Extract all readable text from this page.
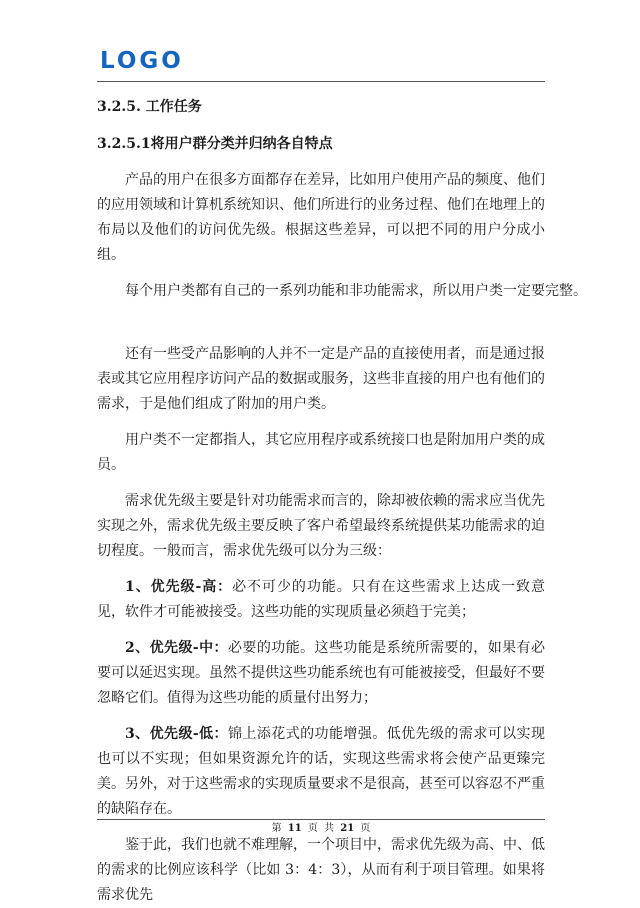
LOGO

3.2.5. 工作任务

3.2.5.1将用户群分类并归纳各自特点

产品的用户在很多方面都存在差异，比如用户使用产品的频度、他们的应用领域和计算机系统知识、他们所进行的业务过程、他们在地理上的布局以及他们的访问优先级。根据这些差异，可以把不同的用户分成小组。

每个用户类都有自己的一系列功能和非功能需求，所以用户类一定要完整。

还有一些受产品影响的人并不一定是产品的直接使用者，而是通过报表或其它应用程序访问产品的数据或服务，这些非直接的用户也有他们的需求，于是他们组成了附加的用户类。

用户类不一定都指人，其它应用程序或系统接口也是附加用户类的成员。

需求优先级主要是针对功能需求而言的，除却被依赖的需求应当优先实现之外，需求优先级主要反映了客户希望最终系统提供某功能需求的迫切程度。一般而言，需求优先级可以分为三级：

1、优先级-高：必不可少的功能。只有在这些需求上达成一致意见，软件才可能被接受。这些功能的实现质量必须趋于完美；

2、优先级-中：必要的功能。这些功能是系统所需要的，如果有必要可以延迟实现。虽然不提供这些功能系统也有可能被接受，但最好不要忽略它们。值得为这些功能的质量付出努力；

3、优先级-低：锦上添花式的功能增强。低优先级的需求可以实现也可以不实现；但如果资源允许的话，实现这些需求将会使产品更臻完美。另外，对于这些需求的实现质量要求不是很高，甚至可以容忍不严重的缺陷存在。

鉴于此，我们也就不难理解，一个项目中，需求优先级为高、中、低的需求的比例应该科学（比如 3：4：3），从而有利于项目管理。如果将需求优先

第 11 页 共 21 页
